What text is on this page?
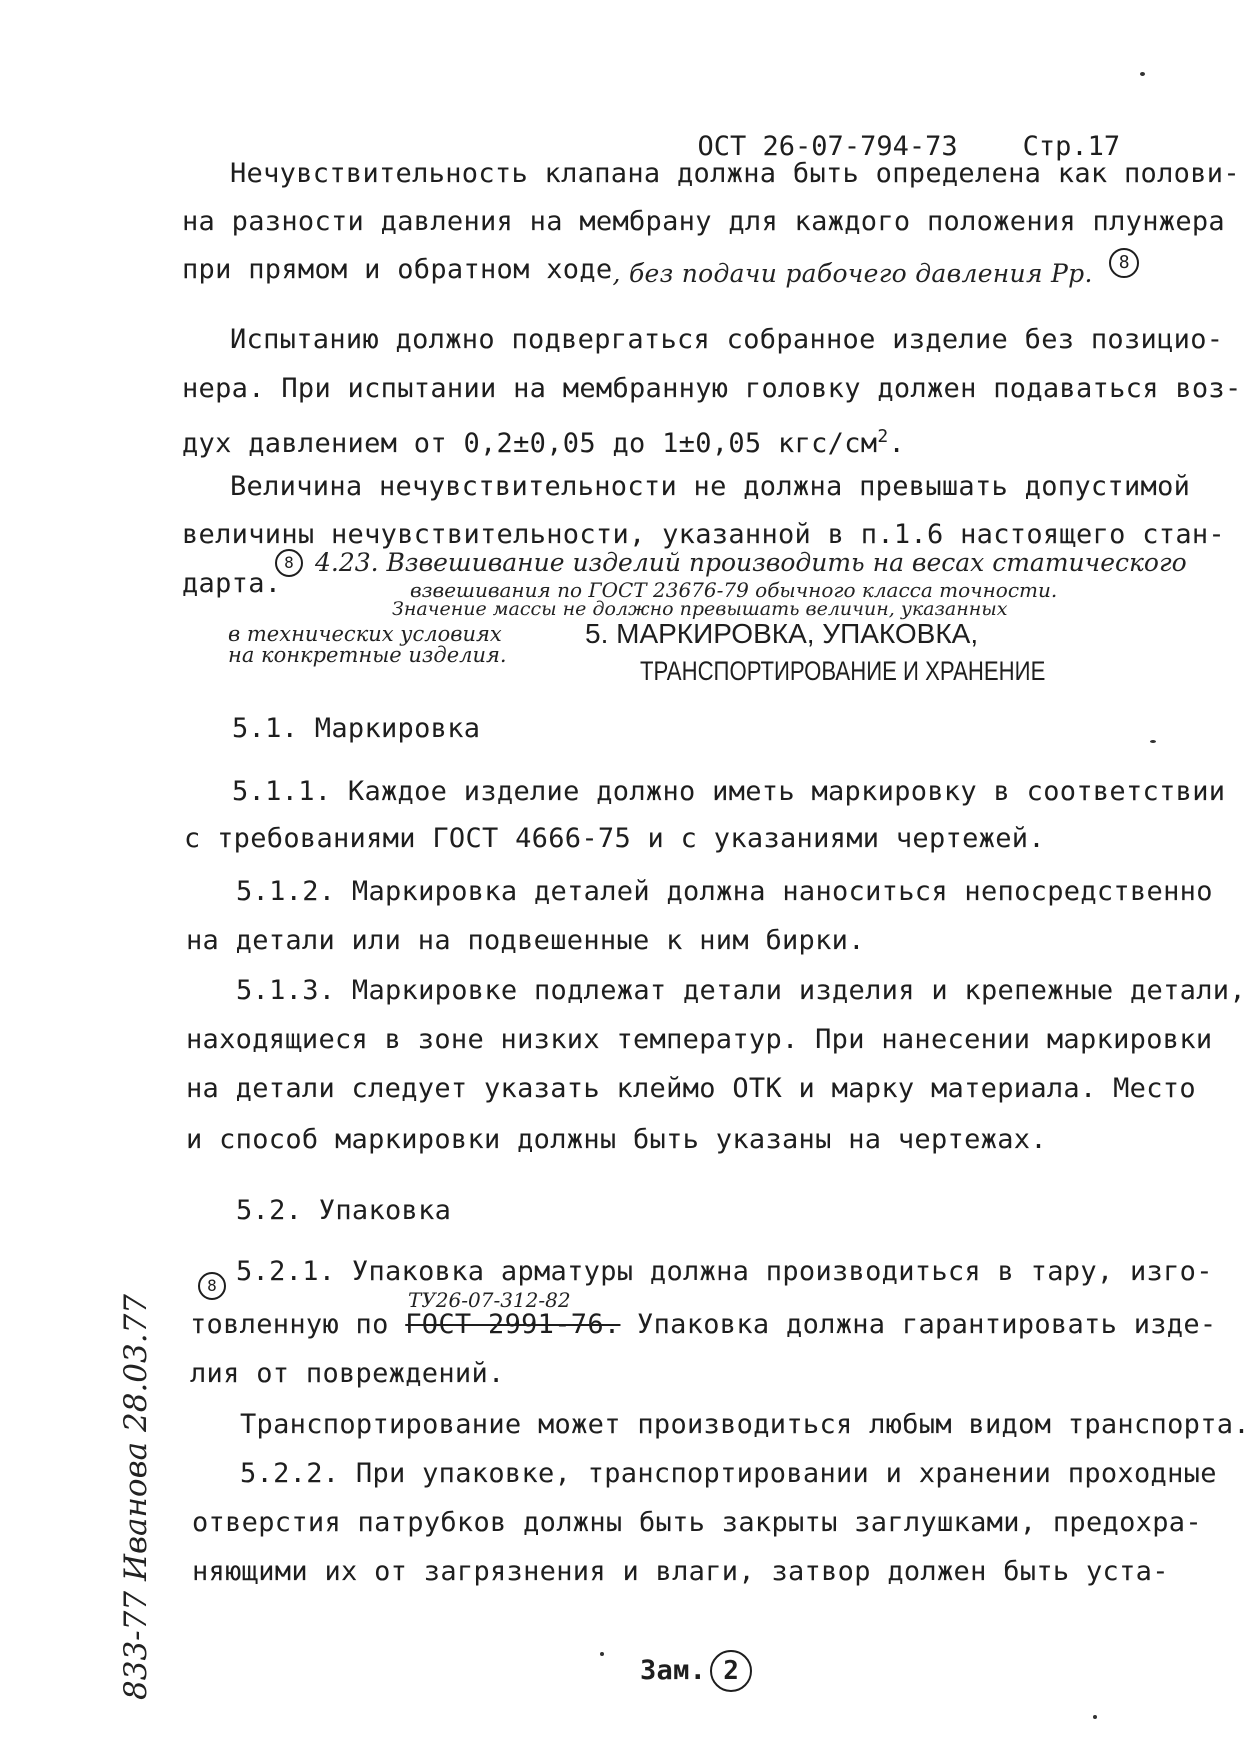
ОСТ 26-07-794-73 Стр.17

Нечувствительность клапана должна быть определена как полови-
на разности давления на мембрану для каждого положения плунжера
при прямом и обратном ходе, без подачи рабочего давления Рр. 8
Испытанию должно подвергаться собранное изделие без позицио-
нера. При испытании на мембранную головку должен подаваться воз-
дух давлением от 0,2±0,05 до 1±0,05 кгс/$см^2$.
Величина нечувствительности не должна превышать допустимой
величины нечувствительности, указанной в п.1.6 настоящего стан-
дарта.
8 4.23. Взвешивание изделий производить на весах статического
взвешивания по ГОСТ 23676-79 обычного класса точности.
Значение массы не должно превышать величин, указанных
в технических условиях
на конкретные изделия.
5. МАРКИРОВКА, УПАКОВКА,
ТРАНСПОРТИРОВАНИЕ И ХРАНЕНИЕ
5.1. Маркировка
5.1.1. Каждое изделие должно иметь маркировку в соответствии
с требованиями ГОСТ 4666-75 и с указаниями чертежей.
5.1.2. Маркировка деталей должна наноситься непосредственно
на детали или на подвешенные к ним бирки.
5.1.3. Маркировке подлежат детали изделия и крепежные детали,
находящиеся в зоне низких температур. При нанесении маркировки
на детали следует указать клеймо ОТК и марку материала. Место
и способ маркировки должны быть указаны на чертежах.
5.2. Упаковка
8 5.2.1. Упаковка арматуры должна производиться в тару, изго-
ТУ26-07-312-82
товленную по ГОСТ 2991-76. Упаковка должна гарантировать изде-
лия от повреждений.
Транспортирование может производиться любым видом транспорта.
5.2.2. При упаковке, транспортировании и хранении проходные
отверстия патрубков должны быть закрыты заглушками, предохра-
няющими их от загрязнения и влаги, затвор должен быть уста-
833-77 Иванова 28.03.77	Зам. 2
